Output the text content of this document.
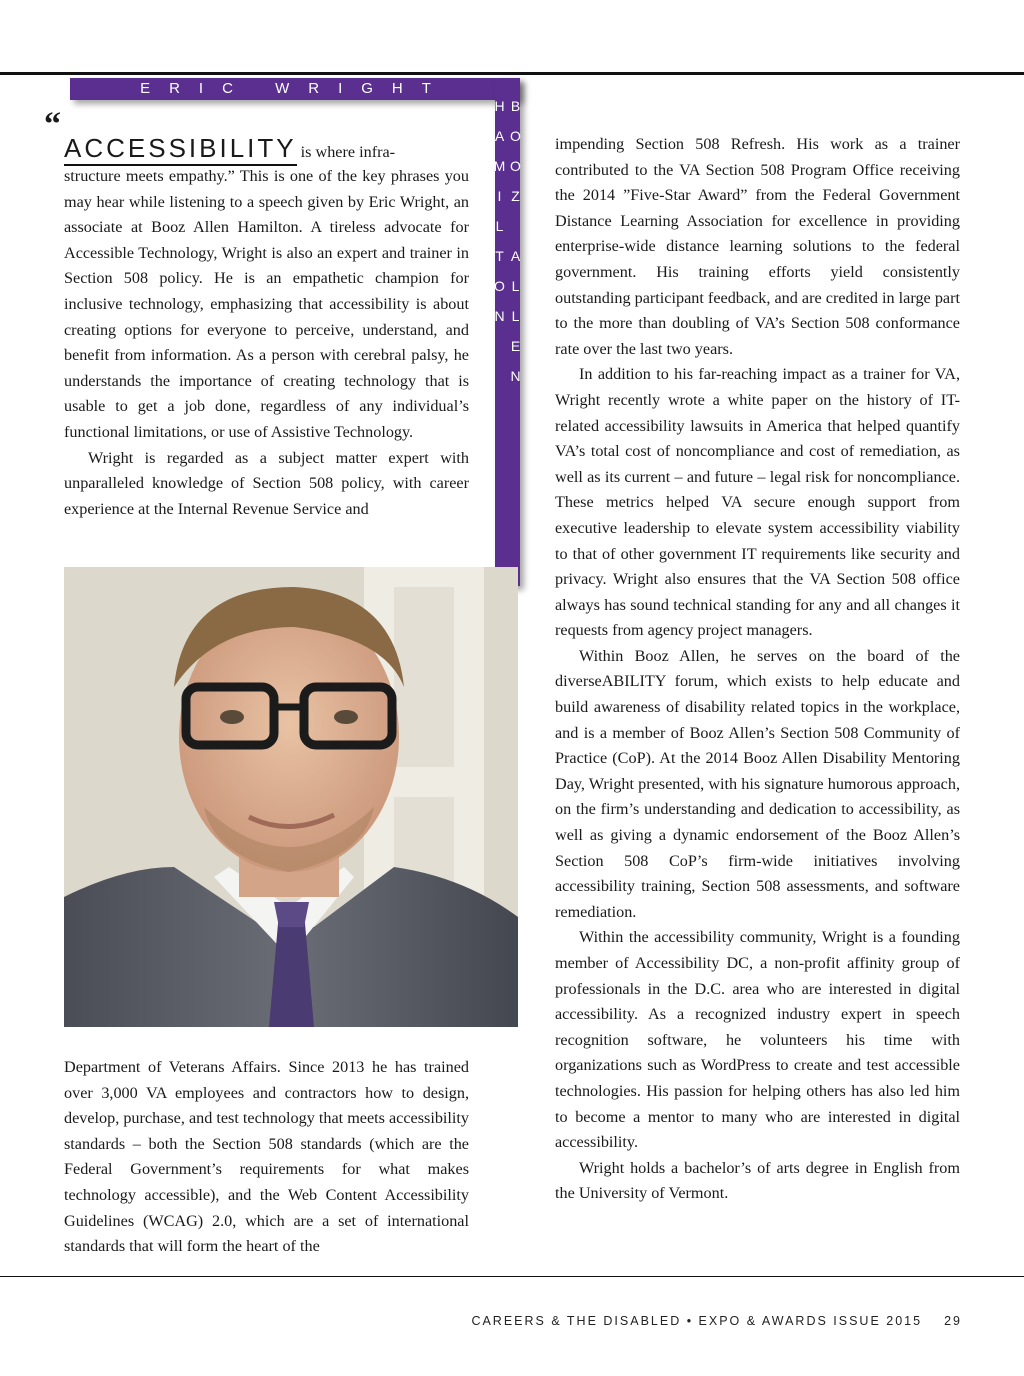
ERIC WRIGHT
BOOZ ALLEN HAMILTON
“
ACCESSIBILITY is where infra-

structure meets empathy.” This is one of the key phrases you may hear while listening to a speech given by Eric Wright, an associate at Booz Allen Hamilton. A tireless advocate for Accessible Technology, Wright is also an expert and trainer in Section 508 policy. He is an empathetic champion for inclusive technology, emphasizing that accessibility is about creating options for everyone to perceive, understand, and benefit from information. As a person with cerebral palsy, he understands the importance of creating technology that is usable to get a job done, regardless of any individual’s functional limitations, or use of Assistive Technology.

Wright is regarded as a subject matter expert with unparalleled knowledge of Section 508 policy, with career experience at the Internal Revenue Service and

Department of Veterans Affairs. Since 2013 he has trained over 3,000 VA employees and contractors how to design, develop, purchase, and test technology that meets accessibility standards – both the Section 508 standards (which are the Federal Government’s requirements for what makes technology accessible), and the Web Content Accessibility Guidelines (WCAG) 2.0, which are a set of international standards that will form the heart of the

impending Section 508 Refresh. His work as a trainer contributed to the VA Section 508 Program Office receiving the 2014 ”Five-Star Award” from the Federal Government Distance Learning Association for excellence in providing enterprise-wide distance learning solutions to the federal government. His training efforts yield consistently outstanding participant feedback, and are credited in large part to the more than doubling of VA’s Section 508 conformance rate over the last two years.

In addition to his far-reaching impact as a trainer for VA, Wright recently wrote a white paper on the history of IT-related accessibility lawsuits in America that helped quantify VA’s total cost of noncompliance and cost of remediation, as well as its current – and future – legal risk for noncompliance. These metrics helped VA secure enough support from executive leadership to elevate system accessibility viability to that of other government IT requirements like security and privacy. Wright also ensures that the VA Section 508 office always has sound technical standing for any and all changes it requests from agency project managers.

Within Booz Allen, he serves on the board of the diverseABILITY forum, which exists to help educate and build awareness of disability related topics in the workplace, and is a member of Booz Allen’s Section 508 Community of Practice (CoP). At the 2014 Booz Allen Disability Mentoring Day, Wright presented, with his signature humorous approach, on the firm’s understanding and dedication to accessibility, as well as giving a dynamic endorsement of the Booz Allen’s Section 508 CoP’s firm-wide initiatives involving accessibility training, Section 508 assessments, and software remediation.

Within the accessibility community, Wright is a founding member of Accessibility DC, a non-profit affinity group of professionals in the D.C. area who are interested in digital accessibility. As a recognized industry expert in speech recognition software, he volunteers his time with organizations such as WordPress to create and test accessible technologies. His passion for helping others has also led him to become a mentor to many who are interested in digital accessibility.

Wright holds a bachelor’s of arts degree in English from the University of Vermont.

CAREERS & THE DISABLED • EXPO & AWARDS ISSUE 2015 29
